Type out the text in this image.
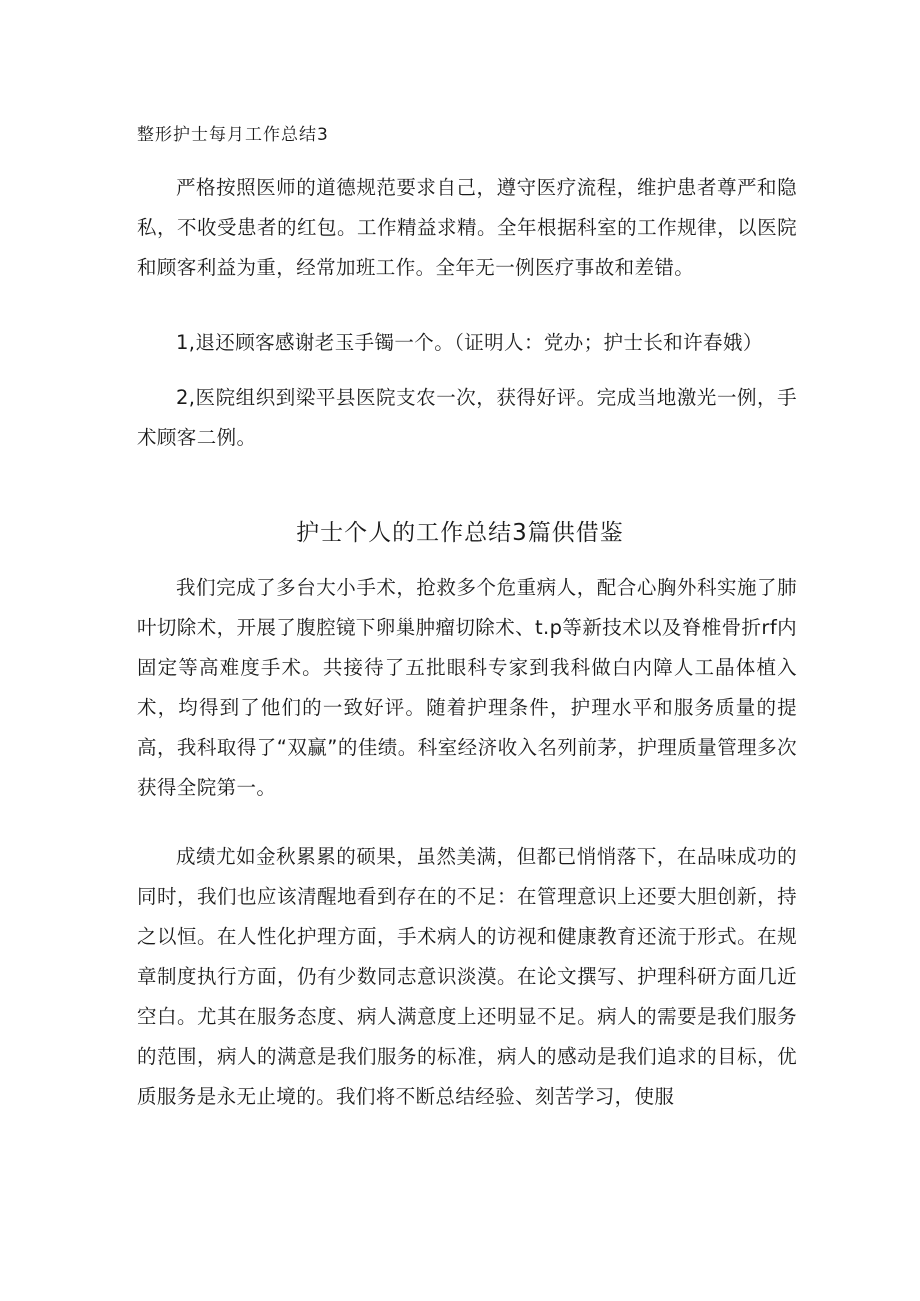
整形护士每月工作总结3

严格按照医师的道德规范要求自己，遵守医疗流程，维护患者尊严和隐私，不收受患者的红包。工作精益求精。全年根据科室的工作规律，以医院和顾客利益为重，经常加班工作。全年无一例医疗事故和差错。

1,退还顾客感谢老玉手镯一个。（证明人：党办；护士长和许春娥）

2,医院组织到梁平县医院支农一次，获得好评。完成当地激光一例，手术顾客二例。

护士个人的工作总结3篇供借鉴

我们完成了多台大小手术，抢救多个危重病人，配合心胸外科实施了肺叶切除术，开展了腹腔镜下卵巢肿瘤切除术、t.p等新技术以及脊椎骨折rf内固定等高难度手术。共接待了五批眼科专家到我科做白内障人工晶体植入术，均得到了他们的一致好评。随着护理条件，护理水平和服务质量的提高，我科取得了“双赢”的佳绩。科室经济收入名列前茅，护理质量管理多次获得全院第一。

成绩尤如金秋累累的硕果，虽然美满，但都已悄悄落下，在品味成功的同时，我们也应该清醒地看到存在的不足：在管理意识上还要大胆创新，持之以恒。在人性化护理方面，手术病人的访视和健康教育还流于形式。在规章制度执行方面，仍有少数同志意识淡漠。在论文撰写、护理科研方面几近空白。尤其在服务态度、病人满意度上还明显不足。病人的需要是我们服务的范围，病人的满意是我们服务的标准，病人的感动是我们追求的目标，优质服务是永无止境的。我们将不断总结经验、刻苦学习，使服
